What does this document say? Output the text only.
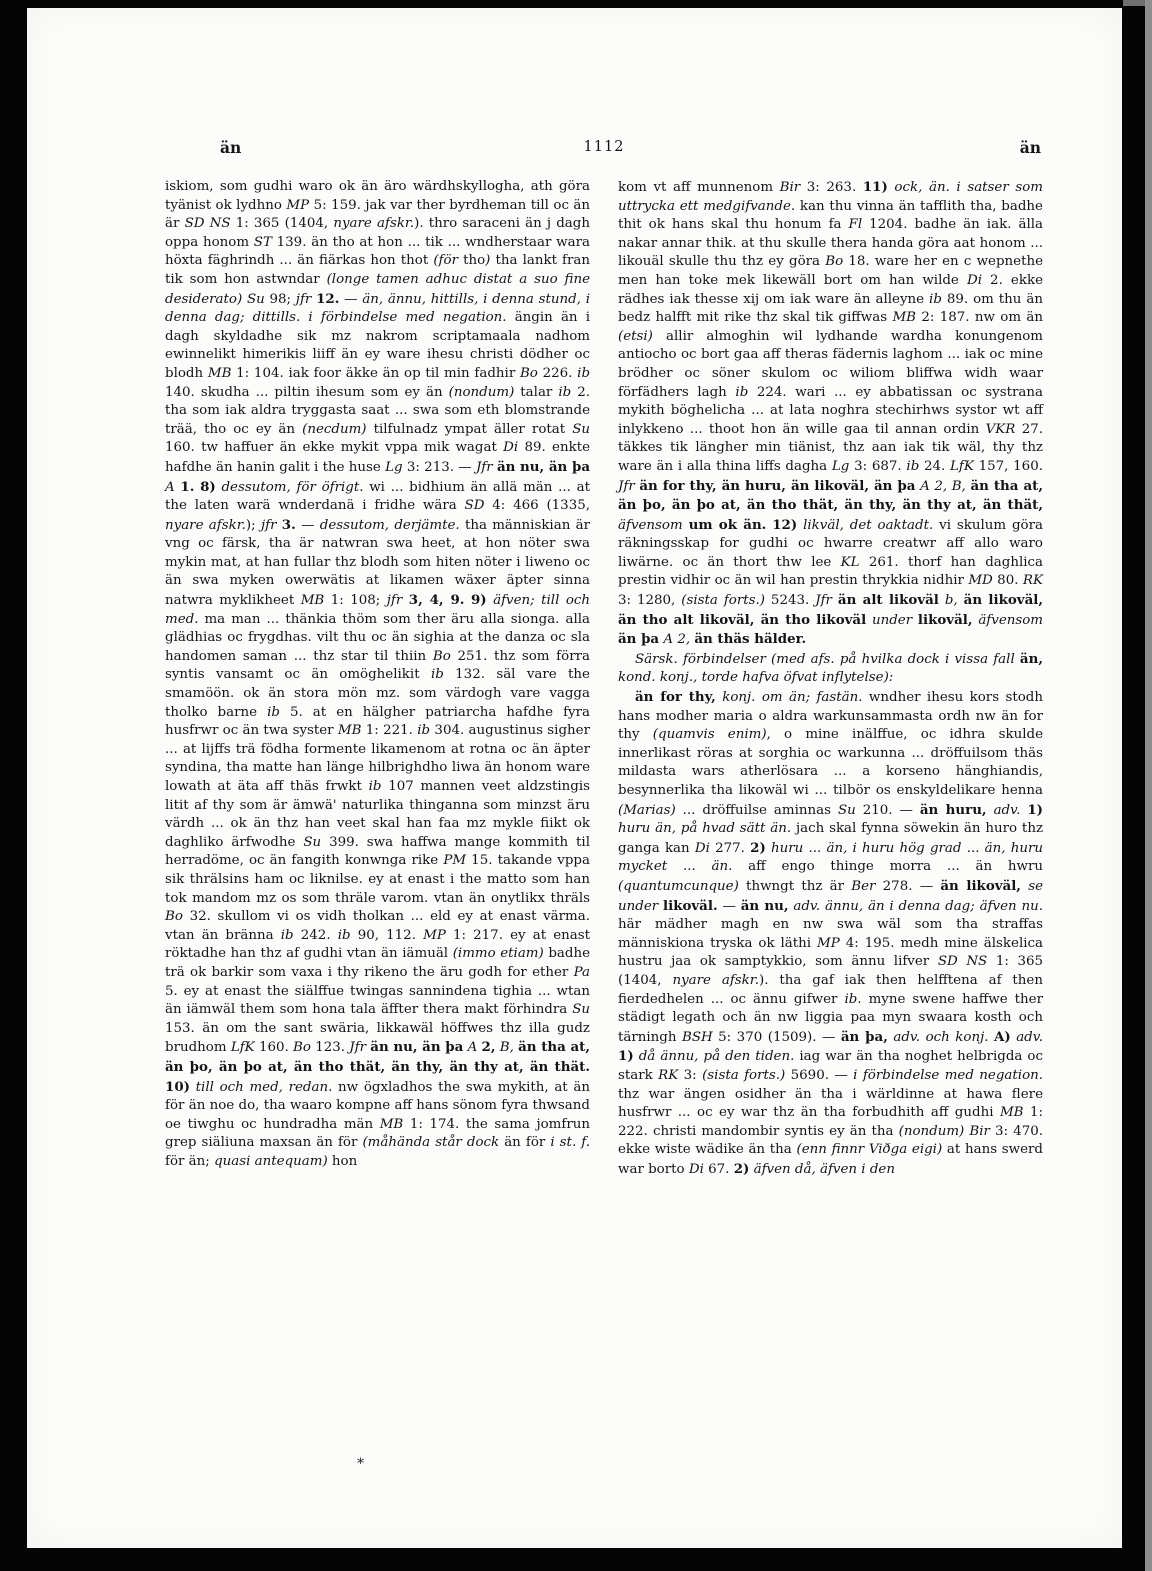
än	1112	än

iskiom, som gudhi waro ok än äro wärdhskyllogha, ath göra tyänist ok lydhno MP 5: 159. jak var ther byrdheman till oc än är SD NS 1: 365 (1404, nyare afskr.). thro saraceni än j dagh oppa honom ST 139. än tho at hon ... tik ... wndherstaar wara höxta fäghrindh ... än fiärkas hon thot (för tho) tha lankt fran tik som hon astwndar (longe tamen adhuc distat a suo fine desiderato) Su 98; jfr 12. — än, ännu, hittills, i denna stund, i denna dag; dittills. i förbindelse med negation. ängin än i dagh skyldadhe sik mz nakrom scriptamaala nadhom ewinnelikt himerikis liiff än ey ware ihesu christi dödher oc blodh MB 1: 104. iak foor äkke än op til min fadhir Bo 226. ib 140. skudha ... piltin ihesum som ey än (nondum) talar ib 2. tha som iak aldra tryggasta saat ... swa som eth blomstrande trää, tho oc ey än (necdum) tilfulnadz ympat äller rotat Su 160. tw haffuer än ekke mykit vppa mik wagat Di 89. enkte hafdhe än hanin galit i the huse Lg 3: 213. — Jfr än nu, än þa A 1. 8) dessutom, för öfrigt. wi ... bidhium än allä män ... at the laten warä wnderdanä i fridhe wära SD 4: 466 (1335, nyare afskr.); jfr 3. — dessutom, derjämte. tha människian är vng oc färsk, tha är natwran swa heet, at hon nöter swa mykin mat, at han fullar thz blodh som hiten nöter i liweno oc än swa myken owerwätis at likamen wäxer äpter sinna natwra myklikheet MB 1: 108; jfr 3, 4, 9. 9) äfven; till och med. ma man ... thänkia thöm som ther äru alla sionga. alla glädhias oc frygdhas. vilt thu oc än sighia at the danza oc sla handomen saman ... thz star til thiin Bo 251. thz som förra syntis vansamt oc än omöghelikit ib 132. säl vare the smamöön. ok än stora mön mz. som värdogh vare vagga tholko barne ib 5. at en hälgher patriarcha hafdhe fyra husfrwr oc än twa syster MB 1: 221. ib 304. augustinus sigher ... at lijffs trä födha formente likamenom at rotna oc än äpter syndina, tha matte han länge hilbrighdho liwa än honom ware lowath at äta aff thäs frwkt ib 107 mannen veet aldzstingis litit af thy som är ämwä' naturlika thinganna som minzst äru värdh ... ok än thz han veet skal han faa mz mykle fiikt ok daghliko ärfwodhe Su 399. swa haffwa mange kommith til herradöme, oc än fangith konwnga rike PM 15. takande vppa sik thrälsins ham oc liknilse. ey at enast i the matto som han tok mandom mz os som thräle varom. vtan än onytlikx thräls Bo 32. skullom vi os vidh tholkan ... eld ey at enast värma. vtan än bränna ib 242. ib 90, 112. MP 1: 217. ey at enast röktadhe han thz af gudhi vtan än iämuäl (immo etiam) badhe trä ok barkir som vaxa i thy rikeno the äru godh for ether Pa 5. ey at enast the siälffue twingas sannindena tighia ... wtan än iämwäl them som hona tala äffter thera makt förhindra Su 153. än om the sant swäria, likkawäl höffwes thz illa gudz brudhom LfK 160. Bo 123. Jfr än nu, än þa A 2, B, än tha at, än þo, än þo at, än tho thät, än thy, än thy at, än thät. 10) till och med, redan. nw ögxladhos the swa mykith, at än för än noe do, tha waaro kompne aff hans sönom fyra thwsand oe tiwghu oc hundradha män MB 1: 174. the sama jomfrun grep siäliuna maxsan än för (måhända står dock än för i st. f. för än; quasi antequam) hon

kom vt aff munnenom Bir 3: 263. 11) ock, än. i satser som uttrycka ett medgifvande. kan thu vinna än tafflith tha, badhe thit ok hans skal thu honum fa Fl 1204. badhe än iak. älla nakar annar thik. at thu skulle thera handa göra aat honom ... likouäl skulle thu thz ey göra Bo 18. ware her en c wepnethe men han toke mek likewäll bort om han wilde Di 2. ekke rädhes iak thesse xij om iak ware än alleyne ib 89. om thu än bedz halfft mit rike thz skal tik giffwas MB 2: 187. nw om än (etsi) allir almoghin wil lydhande wardha konungenom antiocho oc bort gaa aff theras fädernis laghom ... iak oc mine brödher oc söner skulom oc wiliom bliffwa widh waar förfädhers lagh ib 224. wari ... ey abbatissan oc systrana mykith böghelicha ... at lata noghra stechirhws systor wt aff inlykkeno ... thoot hon än wille gaa til annan ordin VKR 27. täkkes tik längher min tiänist, thz aan iak tik wäl, thy thz ware än i alla thina liffs dagha Lg 3: 687. ib 24. LfK 157, 160. Jfr än for thy, än huru, än likoväl, än þa A 2, B, än tha at, än þo, än þo at, än tho thät, än thy, än thy at, än thät, äfvensom um ok än. 12) likväl, det oaktadt. vi skulum göra räkningsskap for gudhi oc hwarre creatwr aff allo waro liwärne. oc än thort thw lee KL 261. thorf han daghlica prestin vidhir oc än wil han prestin thrykkia nidhir MD 80. RK 3: 1280, (sista forts.) 5243. Jfr än alt likoväl b, än likoväl, än tho alt likoväl, än tho likoväl under likoväl, äfvensom än þa A 2, än thäs hälder.

Särsk. förbindelser (med afs. på hvilka dock i vissa fall än, kond. konj., torde hafva öfvat inflytelse):

än for thy, konj. om än; fastän. wndher ihesu kors stodh hans modher maria o aldra warkunsammasta ordh nw än for thy (quamvis enim), o mine inälffue, oc idhra skulde innerlikast röras at sorghia oc warkunna ... dröffuilsom thäs mildasta wars atherlösara ... a korseno hänghiandis, besynnerlika tha likowäl wi ... tilbör os enskyldelikare henna (Marias) ... dröffuilse aminnas Su 210. — än huru, adv. 1) huru än, på hvad sätt än. jach skal fynna söwekin än huro thz ganga kan Di 277. 2) huru ... än, i huru hög grad ... än, huru mycket ... än. aff engo thinge morra ... än hwru (quantumcunque) thwngt thz är Ber 278. — än likoväl, se under likoväl. — än nu, adv. ännu, än i denna dag; äfven nu. här mädher magh en nw swa wäl som tha straffas människiona tryska ok läthi MP 4: 195. medh mine älskelica hustru jaa ok samptykkio, som ännu lifver SD NS 1: 365 (1404, nyare afskr.). tha gaf iak then helfftena af then fierdedhelen ... oc ännu gifwer ib. myne swene haffwe ther städigt legath och än nw liggia paa myn swaara kosth och tärningh BSH 5: 370 (1509). — än þa, adv. och konj. A) adv. 1) då ännu, på den tiden. iag war än tha noghet helbrigda oc stark RK 3: (sista forts.) 5690. — i förbindelse med negation. thz war ängen osidher än tha i wärldinne at hawa flere husfrwr ... oc ey war thz än tha forbudhith aff gudhi MB 1: 222. christi mandombir syntis ey än tha (nondum) Bir 3: 470. ekke wiste wädike än tha (enn finnr Viðga eigi) at hans swerd war borto Di 67. 2) äfven då, äfven i den

*
